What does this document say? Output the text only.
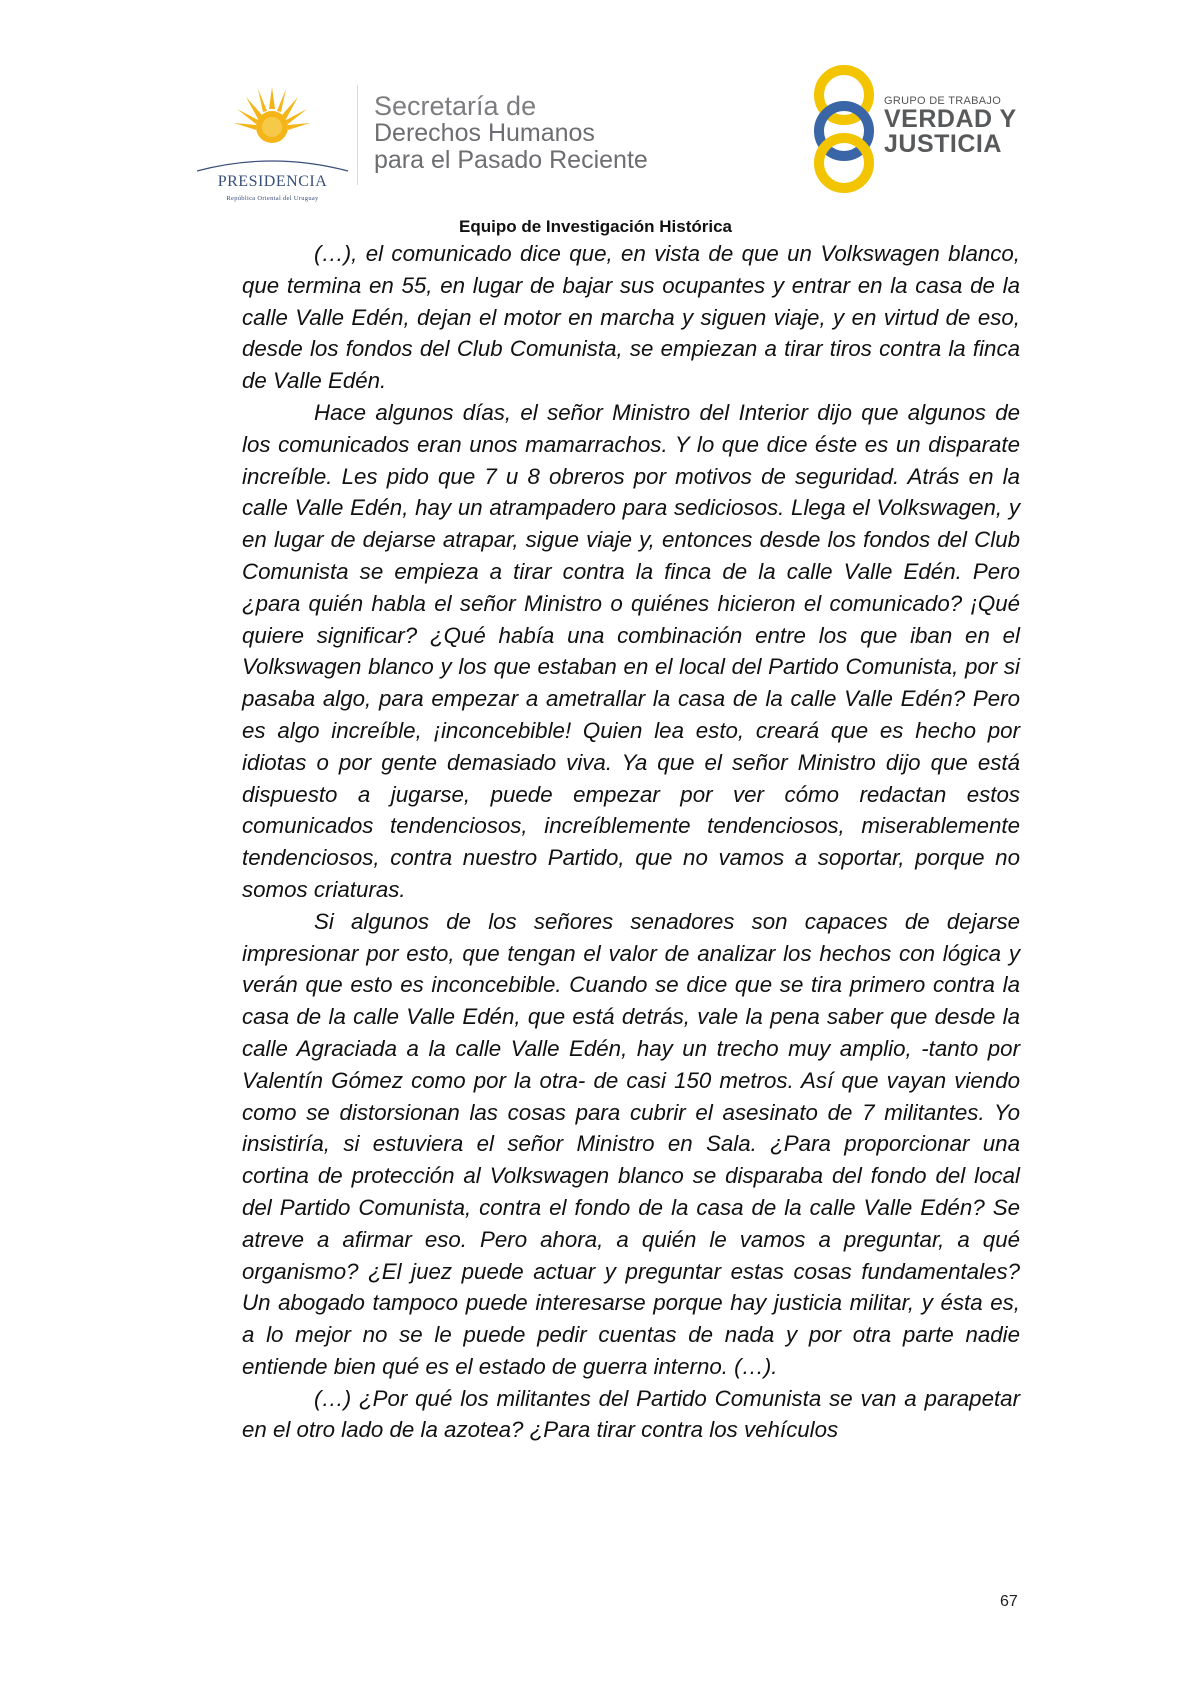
PRESIDENCIA
República Oriental del Uruguay
Secretaría de
Derechos Humanos
para el Pasado Reciente
GRUPO DE TRABAJO
VERDAD Y
JUSTICIA
Equipo de Investigación Histórica

(…), el comunicado dice que, en vista de que un Volkswagen blanco, que termina en 55, en lugar de bajar sus ocupantes y entrar en la casa de la calle Valle Edén, dejan el motor en marcha y siguen viaje, y en virtud de eso, desde los fondos del Club Comunista, se empiezan a tirar tiros contra la finca de Valle Edén.

Hace algunos días, el señor Ministro del Interior dijo que algunos de los comunicados eran unos mamarrachos. Y lo que dice éste es un disparate increíble. Les pido que 7 u 8 obreros por motivos de seguridad. Atrás en la calle Valle Edén, hay un atrampadero para sediciosos. Llega el Volkswagen, y en lugar de dejarse atrapar, sigue viaje y, entonces desde los fondos del Club Comunista se empieza a tirar contra la finca de la calle Valle Edén. Pero ¿para quién habla el señor Ministro o quiénes hicieron el comunicado? ¡Qué quiere significar? ¿Qué había una combinación entre los que iban en el Volkswagen blanco y los que estaban en el local del Partido Comunista, por si pasaba algo, para empezar a ametrallar la casa de la calle Valle Edén? Pero es algo increíble, ¡inconcebible! Quien lea esto, creará que es hecho por idiotas o por gente demasiado viva. Ya que el señor Ministro dijo que está dispuesto a jugarse, puede empezar por ver cómo redactan estos comunicados tendenciosos, increíblemente tendenciosos, miserablemente tendenciosos, contra nuestro Partido, que no vamos a soportar, porque no somos criaturas.

Si algunos de los señores senadores son capaces de dejarse impresionar por esto, que tengan el valor de analizar los hechos con lógica y verán que esto es inconcebible. Cuando se dice que se tira primero contra la casa de la calle Valle Edén, que está detrás, vale la pena saber que desde la calle Agraciada a la calle Valle Edén, hay un trecho muy amplio, -tanto por Valentín Gómez como por la otra- de casi 150 metros. Así que vayan viendo como se distorsionan las cosas para cubrir el asesinato de 7 militantes. Yo insistiría, si estuviera el señor Ministro en Sala. ¿Para proporcionar una cortina de protección al Volkswagen blanco se disparaba del fondo del local del Partido Comunista, contra el fondo de la casa de la calle Valle Edén? Se atreve a afirmar eso. Pero ahora, a quién le vamos a preguntar, a qué organismo? ¿El juez puede actuar y preguntar estas cosas fundamentales? Un abogado tampoco puede interesarse porque hay justicia militar, y ésta es, a lo mejor no se le puede pedir cuentas de nada y por otra parte nadie entiende bien qué es el estado de guerra interno. (…).

(…) ¿Por qué los militantes del Partido Comunista se van a parapetar en el otro lado de la azotea? ¿Para tirar contra los vehículos

67
